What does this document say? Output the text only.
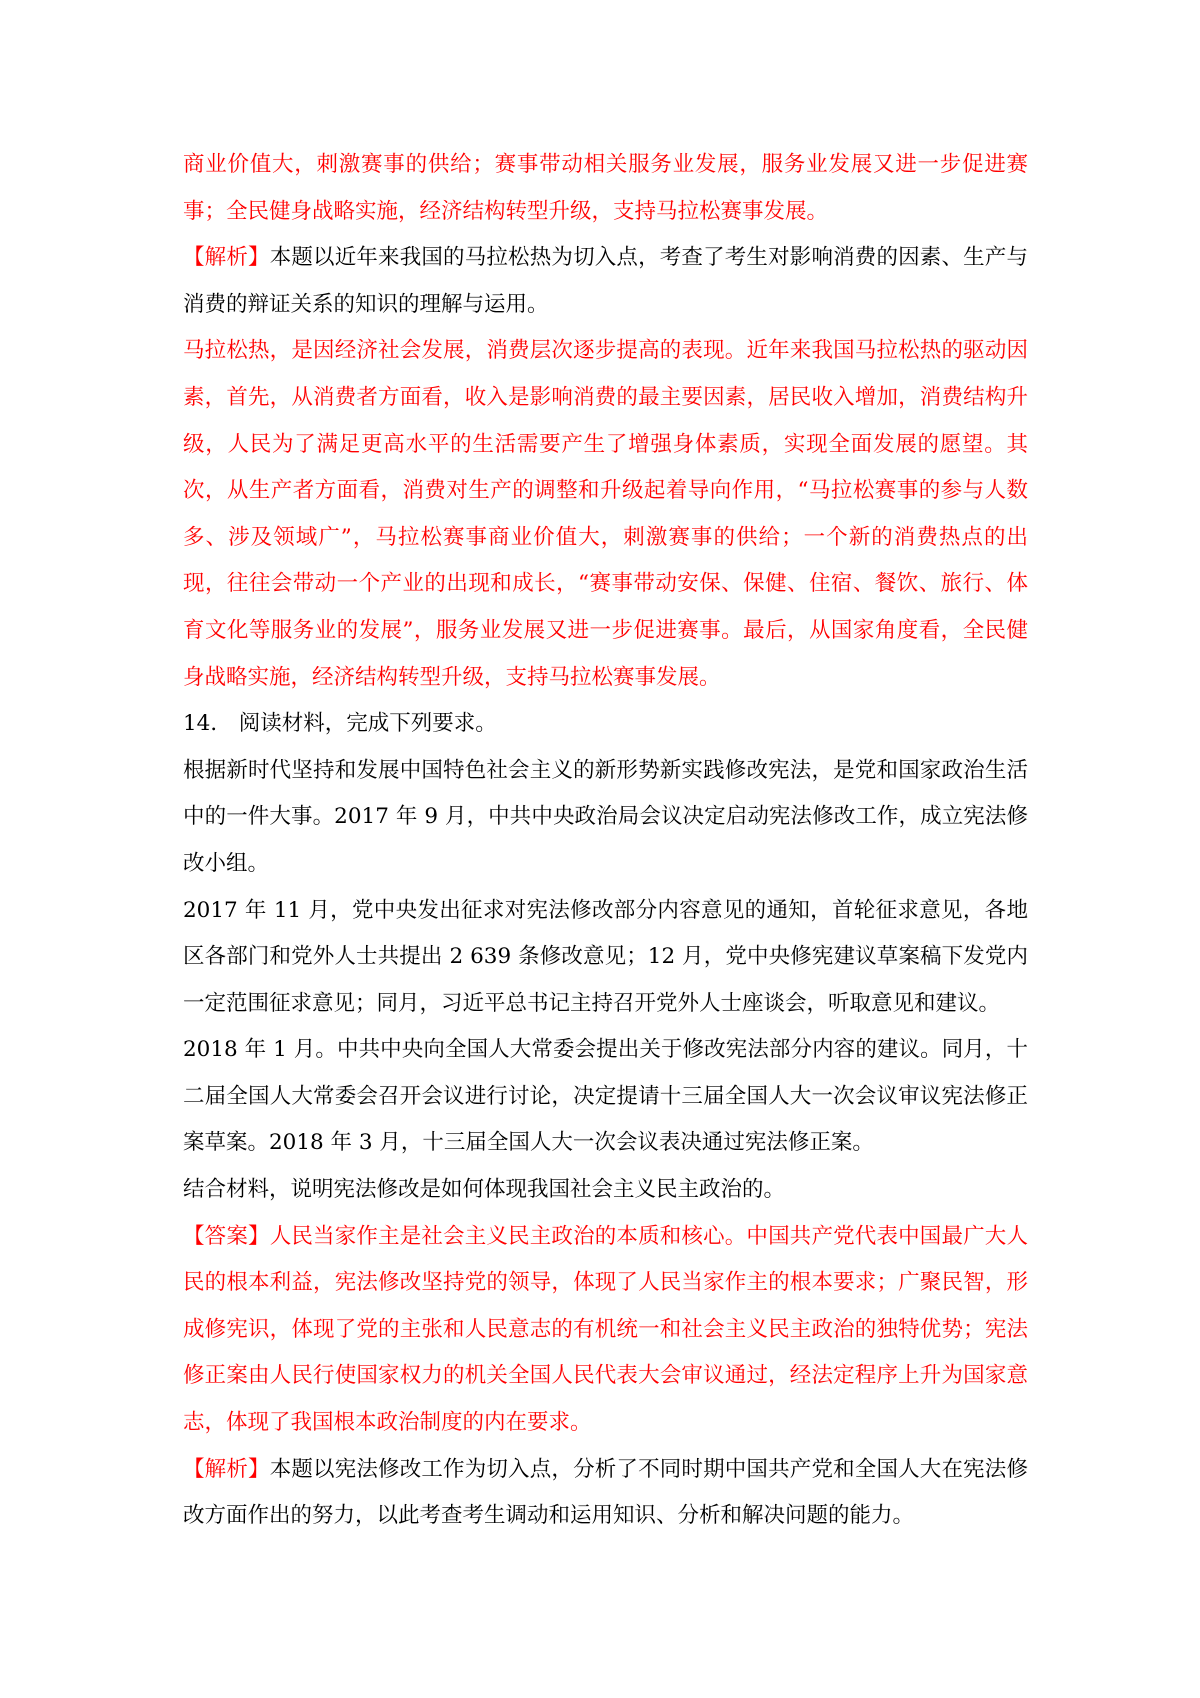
商业价值大，刺激赛事的供给；赛事带动相关服务业发展，服务业发展又进一步促进赛事；全民健身战略实施，经济结构转型升级，支持马拉松赛事发展。

【解析】本题以近年来我国的马拉松热为切入点，考查了考生对影响消费的因素、生产与消费的辩证关系的知识的理解与运用。

马拉松热，是因经济社会发展，消费层次逐步提高的表现。近年来我国马拉松热的驱动因素，首先，从消费者方面看，收入是影响消费的最主要因素，居民收入增加，消费结构升级，人民为了满足更高水平的生活需要产生了增强身体素质，实现全面发展的愿望。其次，从生产者方面看，消费对生产的调整和升级起着导向作用，“马拉松赛事的参与人数多、涉及领域广”，马拉松赛事商业价值大，刺激赛事的供给；一个新的消费热点的出现，往往会带动一个产业的出现和成长，“赛事带动安保、保健、住宿、餐饮、旅行、体育文化等服务业的发展”，服务业发展又进一步促进赛事。最后，从国家角度看，全民健身战略实施，经济结构转型升级，支持马拉松赛事发展。

14． 阅读材料，完成下列要求。

根据新时代坚持和发展中国特色社会主义的新形势新实践修改宪法，是党和国家政治生活中的一件大事。2017 年 9 月，中共中央政治局会议决定启动宪法修改工作，成立宪法修改小组。

2017 年 11 月，党中央发出征求对宪法修改部分内容意见的通知，首轮征求意见，各地区各部门和党外人士共提出 2 639 条修改意见；12 月，党中央修宪建议草案稿下发党内一定范围征求意见；同月，习近平总书记主持召开党外人士座谈会，听取意见和建议。

2018 年 1 月。中共中央向全国人大常委会提出关于修改宪法部分内容的建议。同月，十二届全国人大常委会召开会议进行讨论，决定提请十三届全国人大一次会议审议宪法修正案草案。2018 年 3 月，十三届全国人大一次会议表决通过宪法修正案。

结合材料，说明宪法修改是如何体现我国社会主义民主政治的。

【答案】人民当家作主是社会主义民主政治的本质和核心。中国共产党代表中国最广大人民的根本利益，宪法修改坚持党的领导，体现了人民当家作主的根本要求；广聚民智，形成修宪识，体现了党的主张和人民意志的有机统一和社会主义民主政治的独特优势；宪法修正案由人民行使国家权力的机关全国人民代表大会审议通过，经法定程序上升为国家意志，体现了我国根本政治制度的内在要求。

【解析】本题以宪法修改工作为切入点，分析了不同时期中国共产党和全国人大在宪法修改方面作出的努力，以此考查考生调动和运用知识、分析和解决问题的能力。
